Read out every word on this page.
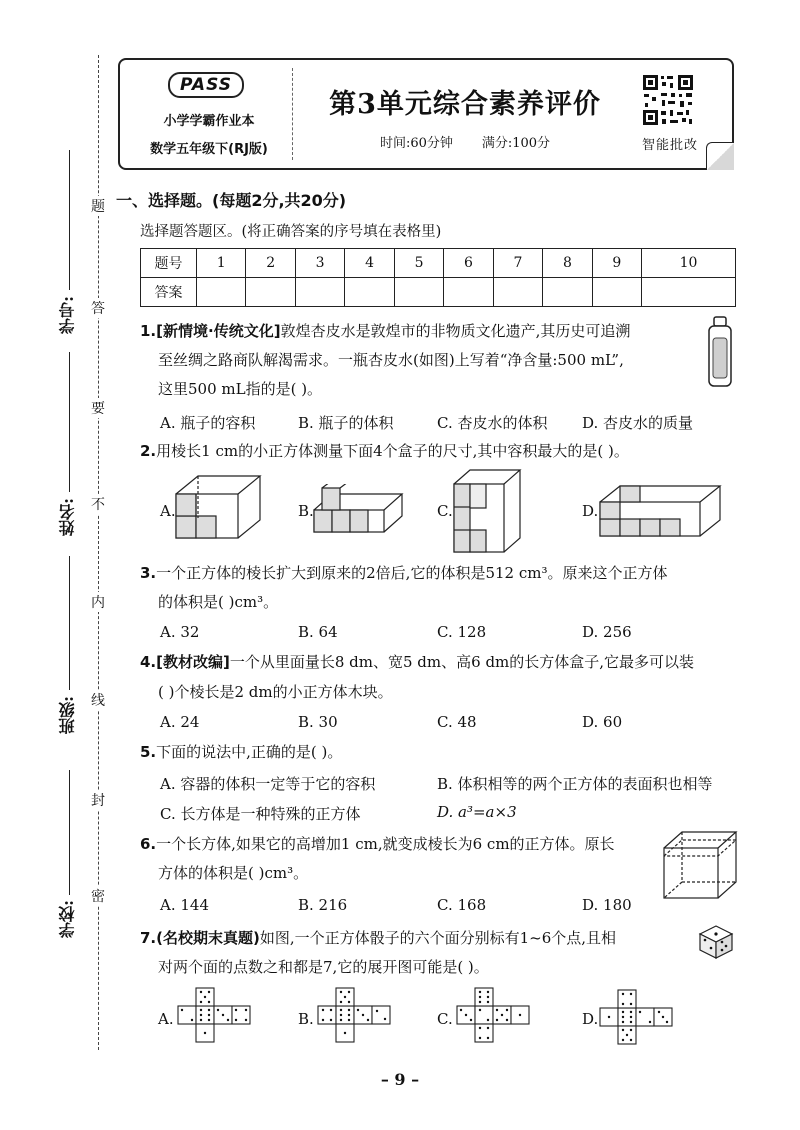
题
答
要
不
内
线
封
密
学号:
姓名:
班级:
学校:
PASS
小学学霸作业本
数学五年级下(RJ版)
第3单元综合素养评价
时间:60分钟 满分:100分	智能批改
一、选择题。(每题2分,共20分)
选择题答题区。(将正确答案的序号填在表格里)
题号	1	2	3	4	5	6	7	8	9	10
答案										
1.[新情境·传统文化]敦煌杏皮水是敦煌市的非物质文化遗产,其历史可追溯
至丝绸之路商队解渴需求。一瓶杏皮水(如图)上写着“净含量:500 mL”,
这里500 mL指的是( )。
A. 瓶子的容积	B. 瓶子的体积	C. 杏皮水的体积 D. 杏皮水的质量
2.用棱长1 cm的小正方体测量下面4个盒子的尺寸,其中容积最大的是( )。
A.	B.	C.	D.
3.一个正方体的棱长扩大到原来的2倍后,它的体积是512 cm³。原来这个正方体
的体积是( )cm³。
A. 32	B. 64	C. 128	D. 256
4.[教材改编]一个从里面量长8 dm、宽5 dm、高6 dm的长方体盒子,它最多可以装
( )个棱长是2 dm的小正方体木块。
A. 24	B. 30	C. 48	D. 60
5.下面的说法中,正确的是( )。
A. 容器的体积一定等于它的容积	B. 体积相等的两个正方体的表面积也相等
C. 长方体是一种特殊的正方体	D. a³=a×3
6.一个长方体,如果它的高增加1 cm,就变成棱长为6 cm的正方体。原长
方体的体积是( )cm³。
A. 144	B. 216	C. 168	D. 180
7.(名校期末真题)如图,一个正方体骰子的六个面分别标有1~6个点,且相
对两个面的点数之和都是7,它的展开图可能是( )。
A.	B.	C.	D.
– 9 –
